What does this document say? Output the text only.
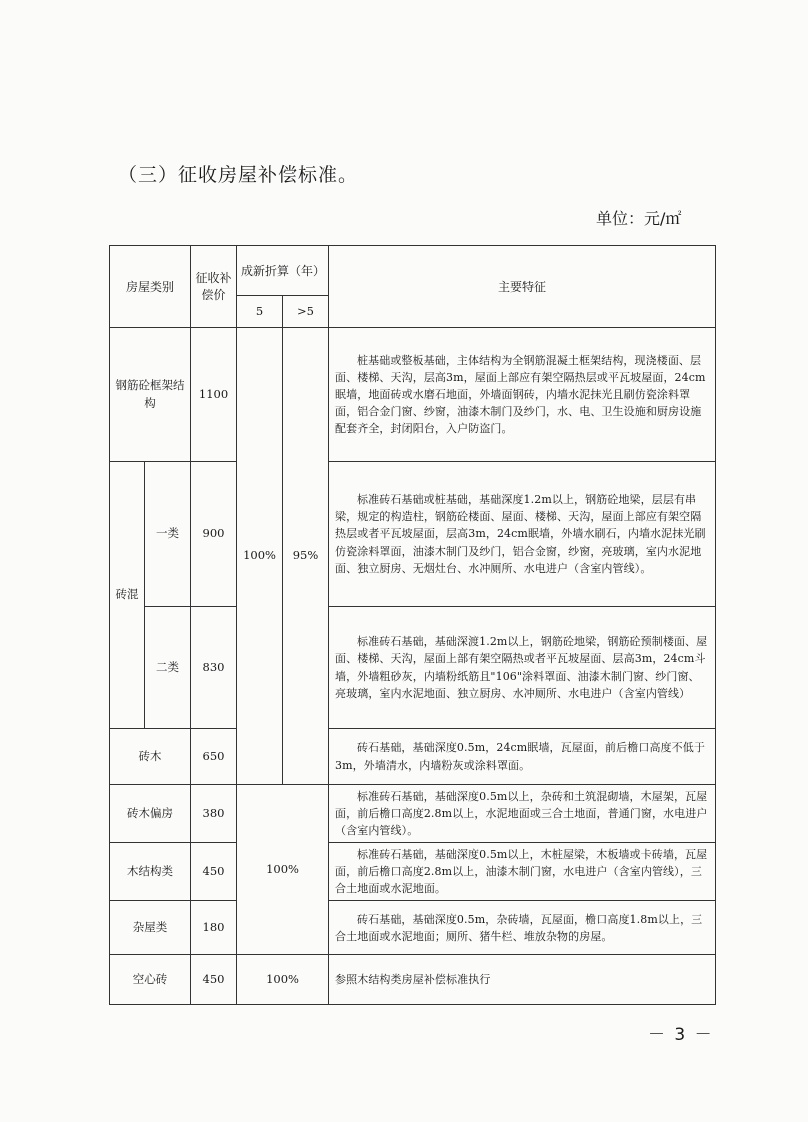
（三）征收房屋补偿标准。
单位：元/㎡
房屋类别		征收补偿价	成新折算（年）		主要特征
			5	>5	
钢筋砼框架结构		1100	100%	95%	桩基础或整板基础，主体结构为全钢筋混凝土框架结构，现浇楼面、层面、楼梯、天沟，层高3m，屋面上部应有架空隔热层或平瓦坡屋面，24cm眠墙，地面砖或水磨石地面，外墙面钢砖，内墙水泥抹光且刷仿瓷涂料罩面，铝合金门窗、纱窗，油漆木制门及纱门，水、电、卫生设施和厨房设施配套齐全，封闭阳台，入户防盗门。
砖混	一类	900			标准砖石基础或桩基础，基础深度1.2m以上，钢筋砼地梁，层层有串梁，规定的构造柱，钢筋砼楼面、屋面、楼梯、天沟，屋面上部应有架空隔热层或者平瓦坡屋面，层高3m，24cm眠墙，外墙水刷石，内墙水泥抹光刷仿瓷涂料罩面，油漆木制门及纱门，铝合金窗，纱窗，亮玻璃，室内水泥地面、独立厨房、无烟灶台、水冲厕所、水电进户（含室内管线）。
	二类	830			标准砖石基础，基础深渡1.2m以上，钢筋砼地梁，钢筋砼预制楼面、屋面、楼梯、天沟，屋面上部有架空隔热或者平瓦坡屋面、层高3m，24cm斗墙，外墙粗砂灰，内墙粉纸筋且"106"涂料罩面、油漆木制门窗、纱门窗、亮玻璃，室内水泥地面、独立厨房、水冲厕所、水电进户（含室内管线）
砖木		650			砖石基础，基础深度0.5m，24cm眠墙，瓦屋面，前后檐口高度不低于3m，外墙清水，内墙粉灰或涂料罩面。
砖木偏房		380	100%		标准砖石基础，基础深度0.5m以上，杂砖和土筑混砌墙，木屋架，瓦屋面，前后檐口高度2.8m以上，水泥地面或三合土地面，普通门窗，水电进户（含室内管线）。
木结构类		450			标准砖石基础，基础深度0.5m以上，木桩屋梁，木板墙或卡砖墙，瓦屋面，前后檐口高度2.8m以上，油漆木制门窗，水电进户（含室内管线），三合土地面或水泥地面。
杂屋类		180			砖石基础，基础深度0.5m，杂砖墙，瓦屋面，檐口高度1.8m以上，三合土地面或水泥地面；厕所、猪牛栏、堆放杂物的房屋。
空心砖		450	100%		参照木结构类房屋补偿标准执行
－ 3 －
